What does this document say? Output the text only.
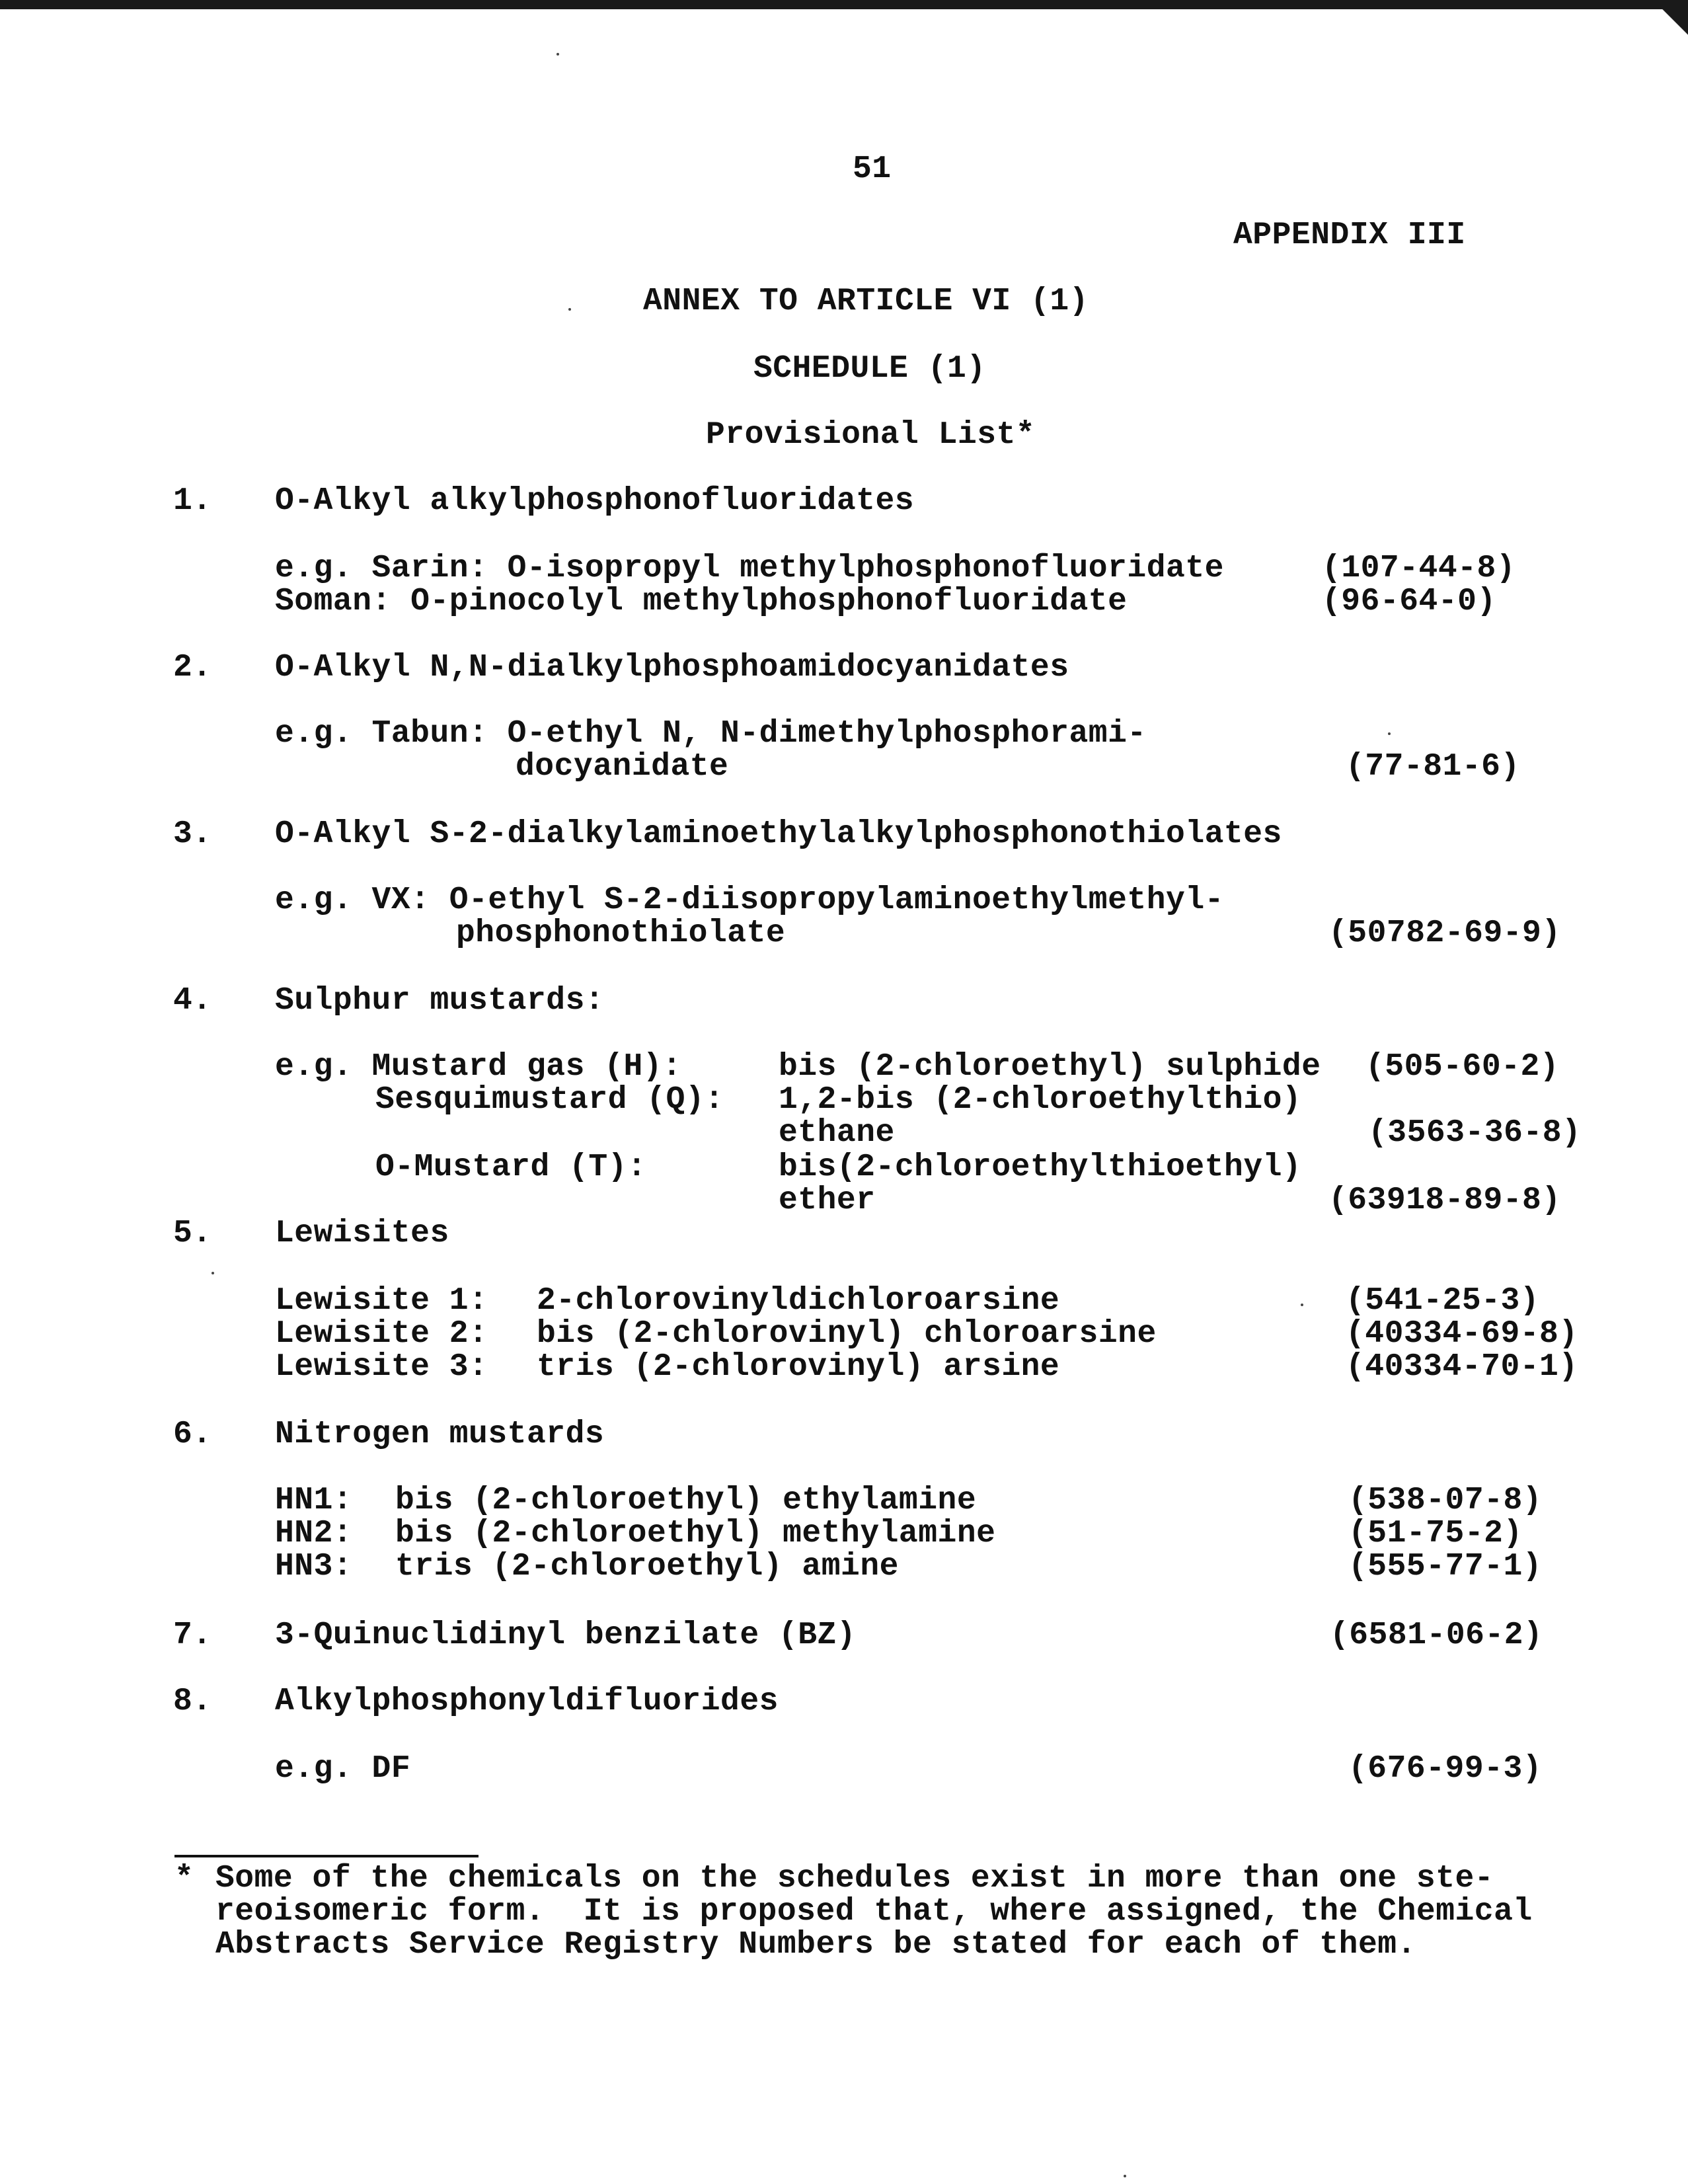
51
APPENDIX III
ANNEX TO ARTICLE VI (1)
SCHEDULE (1)
Provisional List*
1. O-Alkyl alkylphosphonofluoridates
e.g. Sarin: O-isopropyl methylphosphonofluoridate	(107-44-8)
Soman: O-pinocolyl methylphosphonofluoridate	(96-64-0)
2. O-Alkyl N,N-dialkylphosphoamidocyanidates
e.g. Tabun: O-ethyl N, N-dimethylphosphorami-
docyanidate	(77-81-6)
3. O-Alkyl S-2-dialkylaminoethylalkylphosphonothiolates
e.g. VX: O-ethyl S-2-diisopropylaminoethylmethyl-
phosphonothiolate	(50782-69-9)
4. Sulphur mustards:
e.g. Mustard gas (H):	bis (2-chloroethyl) sulphide (505-60-2)
Sesquimustard (Q): 1,2-bis (2-chloroethylthio)
ethane	(3563-36-8)
O-Mustard (T):	bis(2-chloroethylthioethyl)
ether	(63918-89-8)
5. Lewisites
Lewisite 1: 2-chlorovinyldichloroarsine	(541-25-3)
Lewisite 2: bis (2-chlorovinyl) chloroarsine	(40334-69-8)
Lewisite 3: tris (2-chlorovinyl) arsine	(40334-70-1)
6. Nitrogen mustards
HN1: bis (2-chloroethyl) ethylamine	(538-07-8)
HN2: bis (2-chloroethyl) methylamine	(51-75-2)
HN3: tris (2-chloroethyl) amine	(555-77-1)
7. 3-Quinuclidinyl benzilate (BZ)	(6581-06-2)
8. Alkylphosphonyldifluorides
e.g. DF	(676-99-3)
* Some of the chemicals on the schedules exist in more than one ste-
reoisomeric form.  It is proposed that, where assigned, the Chemical
Abstracts Service Registry Numbers be stated for each of them.
